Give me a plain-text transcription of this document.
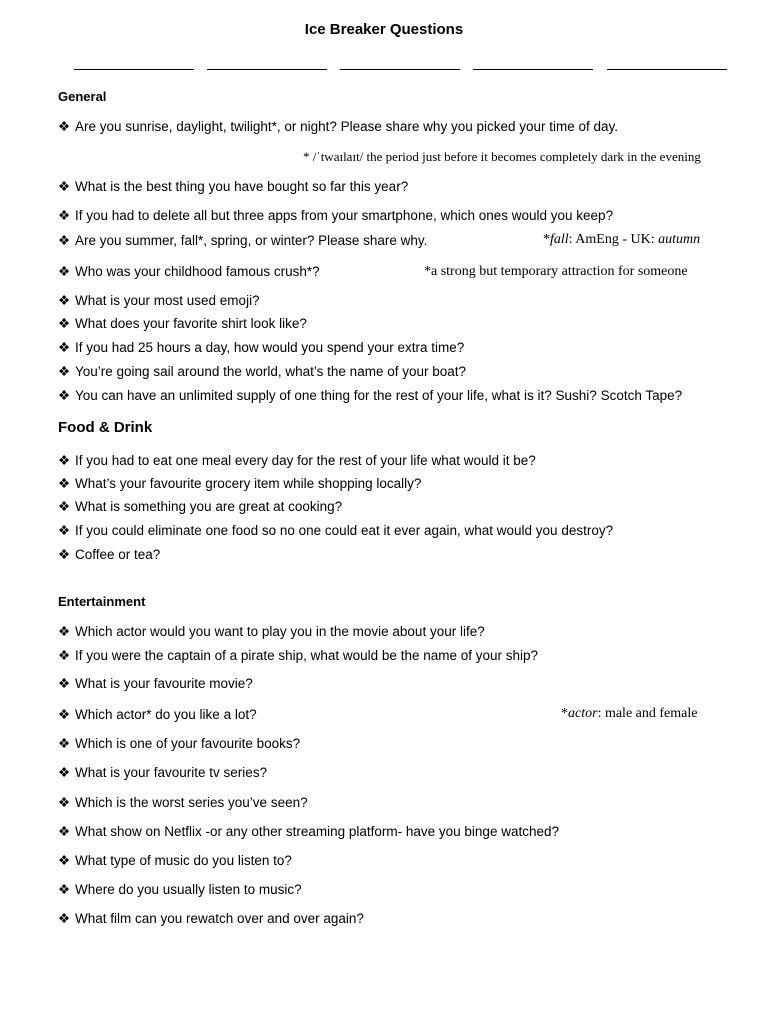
Ice Breaker Questions
General
❖ Are you sunrise, daylight, twilight*, or night? Please share why you picked your time of day.
* /ˈtwaɪlaɪt/ the period just before it becomes completely dark in the evening
❖ What is the best thing you have bought so far this year?
❖ If you had to delete all but three apps from your smartphone, which ones would you keep?
❖ Are you summer, fall*, spring, or winter? Please share why.	*fall: AmEng - UK: autumn
❖ Who was your childhood famous crush*?	*a strong but temporary attraction for someone
❖ What is your most used emoji?
❖ What does your favorite shirt look like?
❖ If you had 25 hours a day, how would you spend your extra time?
❖ You’re going sail around the world, what’s the name of your boat?
❖ You can have an unlimited supply of one thing for the rest of your life, what is it? Sushi? Scotch Tape?
Food & Drink
❖ If you had to eat one meal every day for the rest of your life what would it be?
❖ What’s your favourite grocery item while shopping locally?
❖ What is something you are great at cooking?
❖ If you could eliminate one food so no one could eat it ever again, what would you destroy?
❖ Coffee or tea?
Entertainment
❖ Which actor would you want to play you in the movie about your life?
❖ If you were the captain of a pirate ship, what would be the name of your ship?
❖ What is your favourite movie?
❖ Which actor* do you like a lot?	*actor: male and female
❖ Which is one of your favourite books?
❖ What is your favourite tv series?
❖ Which is the worst series you’ve seen?
❖ What show on Netflix -or any other streaming platform- have you binge watched?
❖ What type of music do you listen to?
❖ Where do you usually listen to music?
❖ What film can you rewatch over and over again?
